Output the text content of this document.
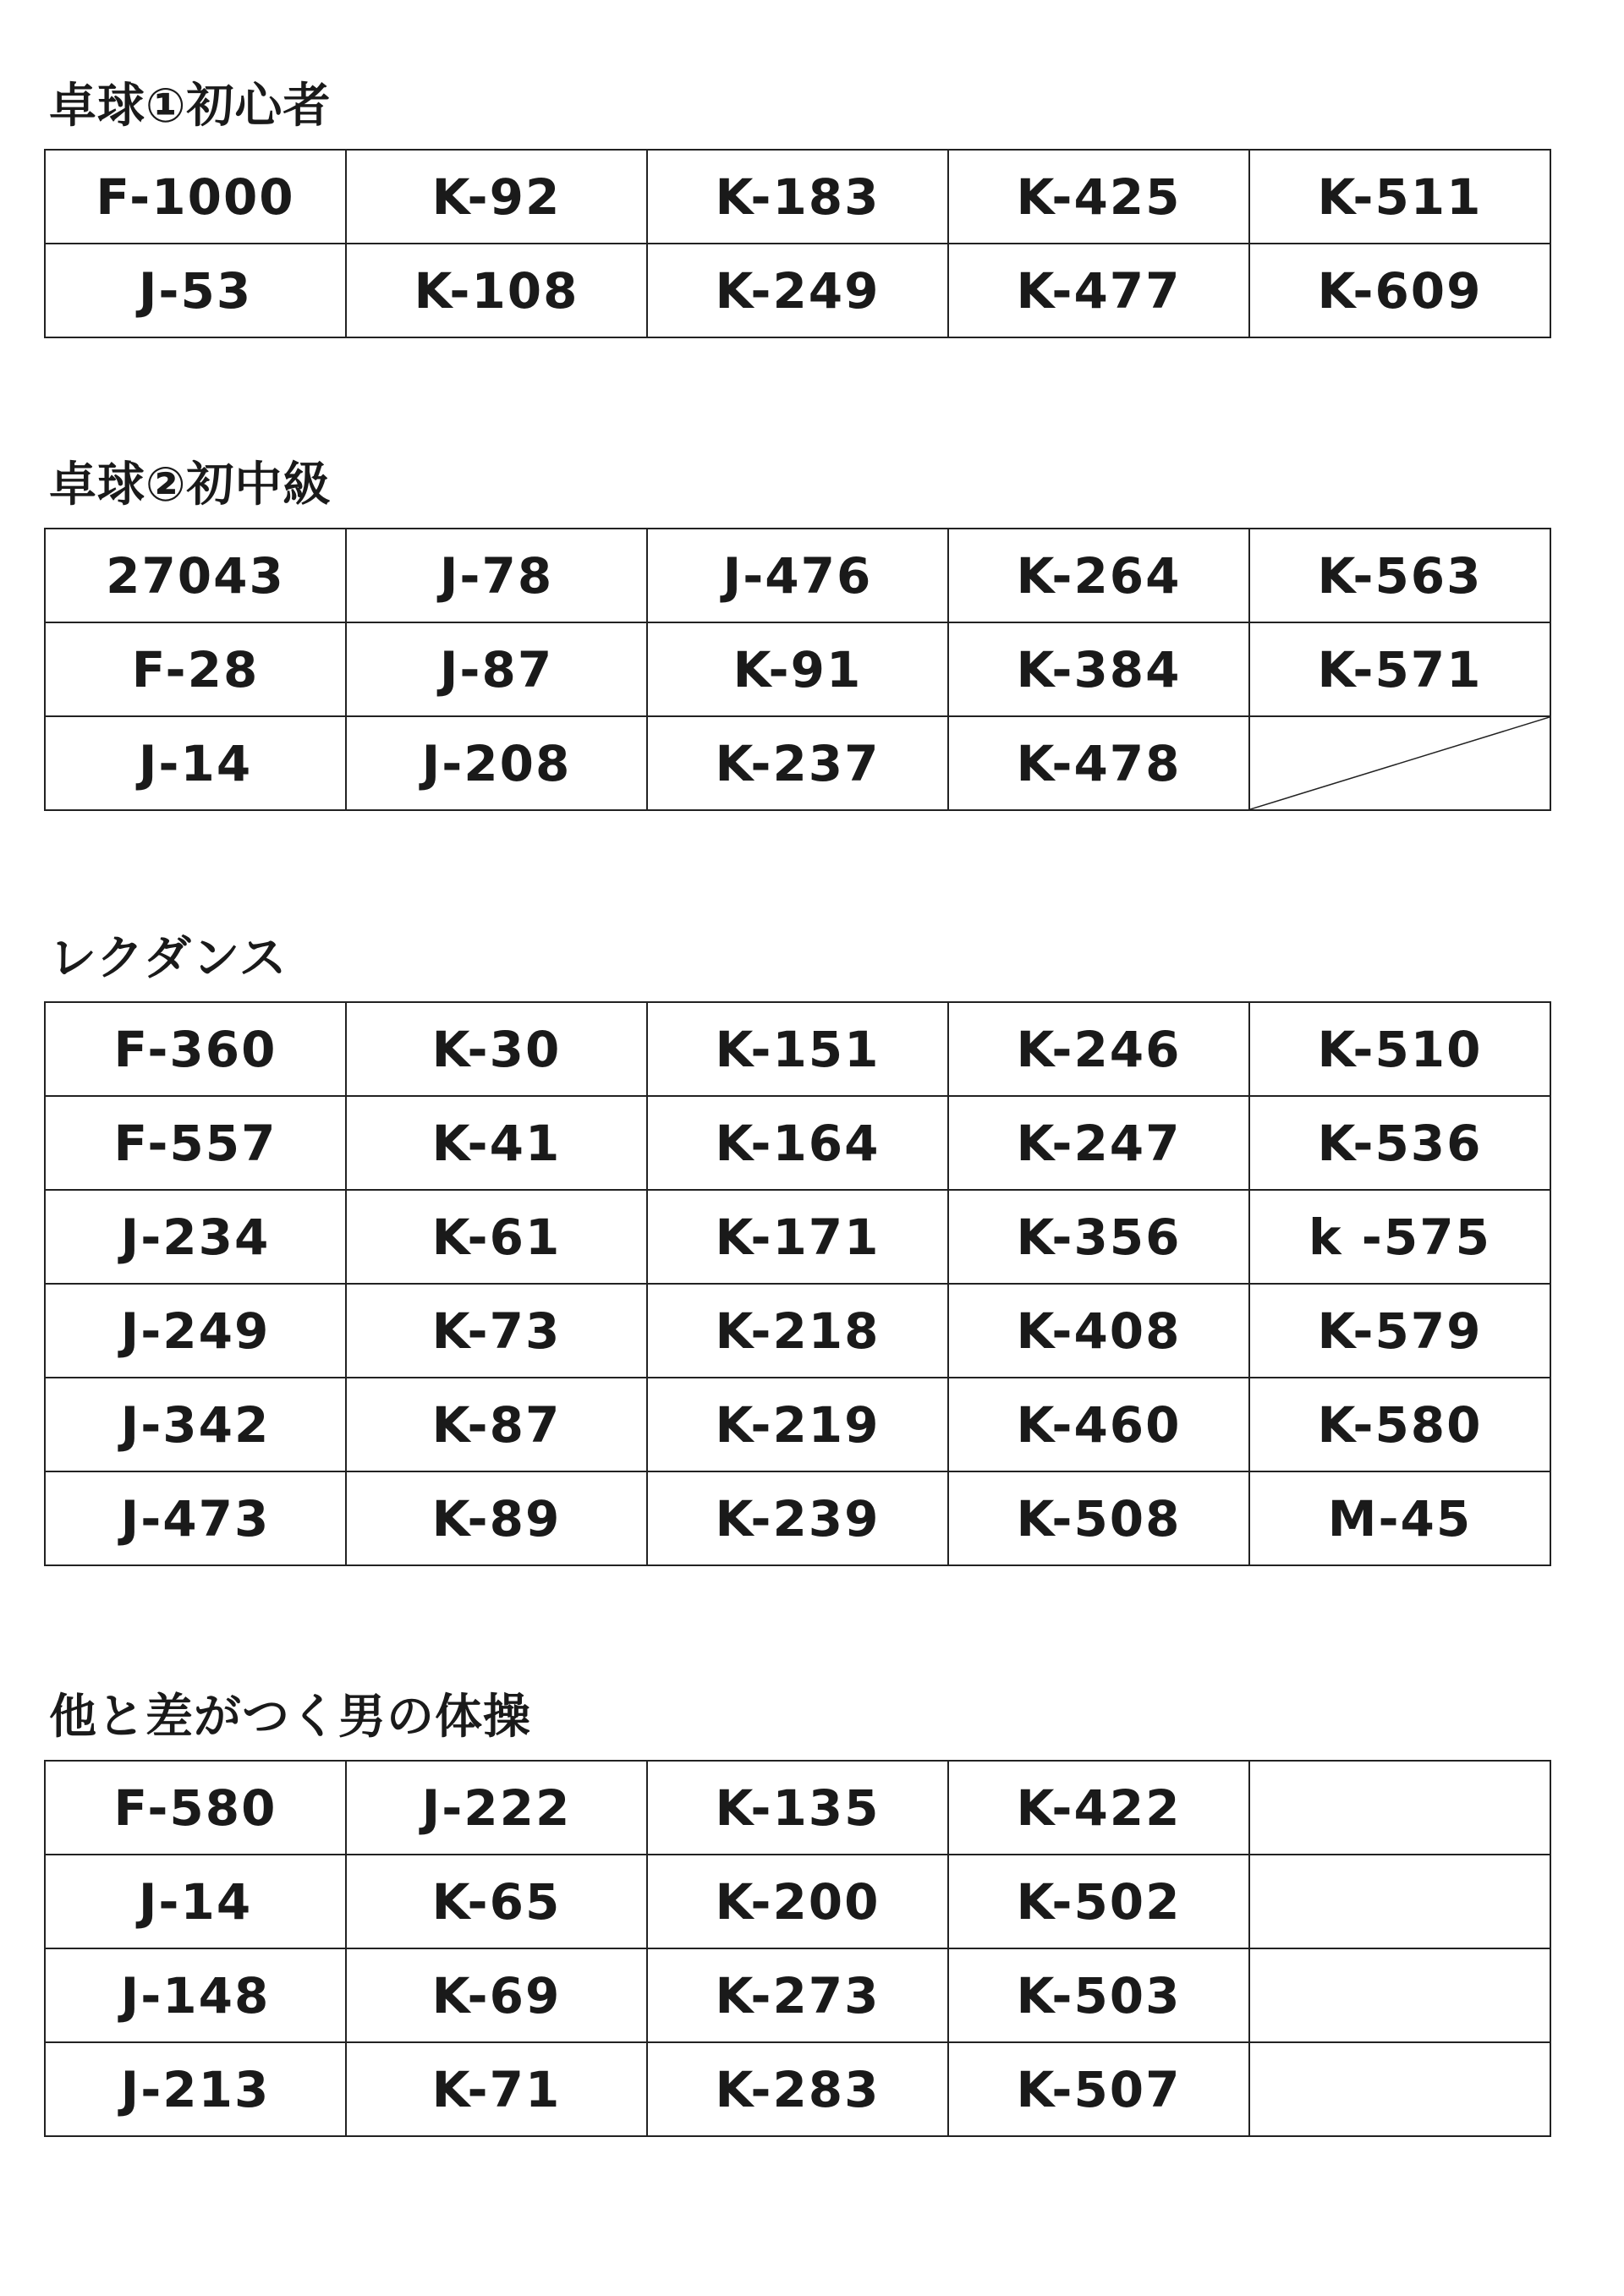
卓球①初心者
F-1000	K-92	K-183	K-425	K-511
J-53	K-108	K-249	K-477	K-609
卓球②初中級
27043	J-78	J-476	K-264	K-563
F-28	J-87	K-91	K-384	K-571
J-14	J-208	K-237	K-478	
レクダンス
F-360	K-30	K-151	K-246	K-510
F-557	K-41	K-164	K-247	K-536
J-234	K-61	K-171	K-356	k -575
J-249	K-73	K-218	K-408	K-579
J-342	K-87	K-219	K-460	K-580
J-473	K-89	K-239	K-508	M-45
他と差がつく男の体操
F-580	J-222	K-135	K-422	
J-14	K-65	K-200	K-502	
J-148	K-69	K-273	K-503	
J-213	K-71	K-283	K-507	
